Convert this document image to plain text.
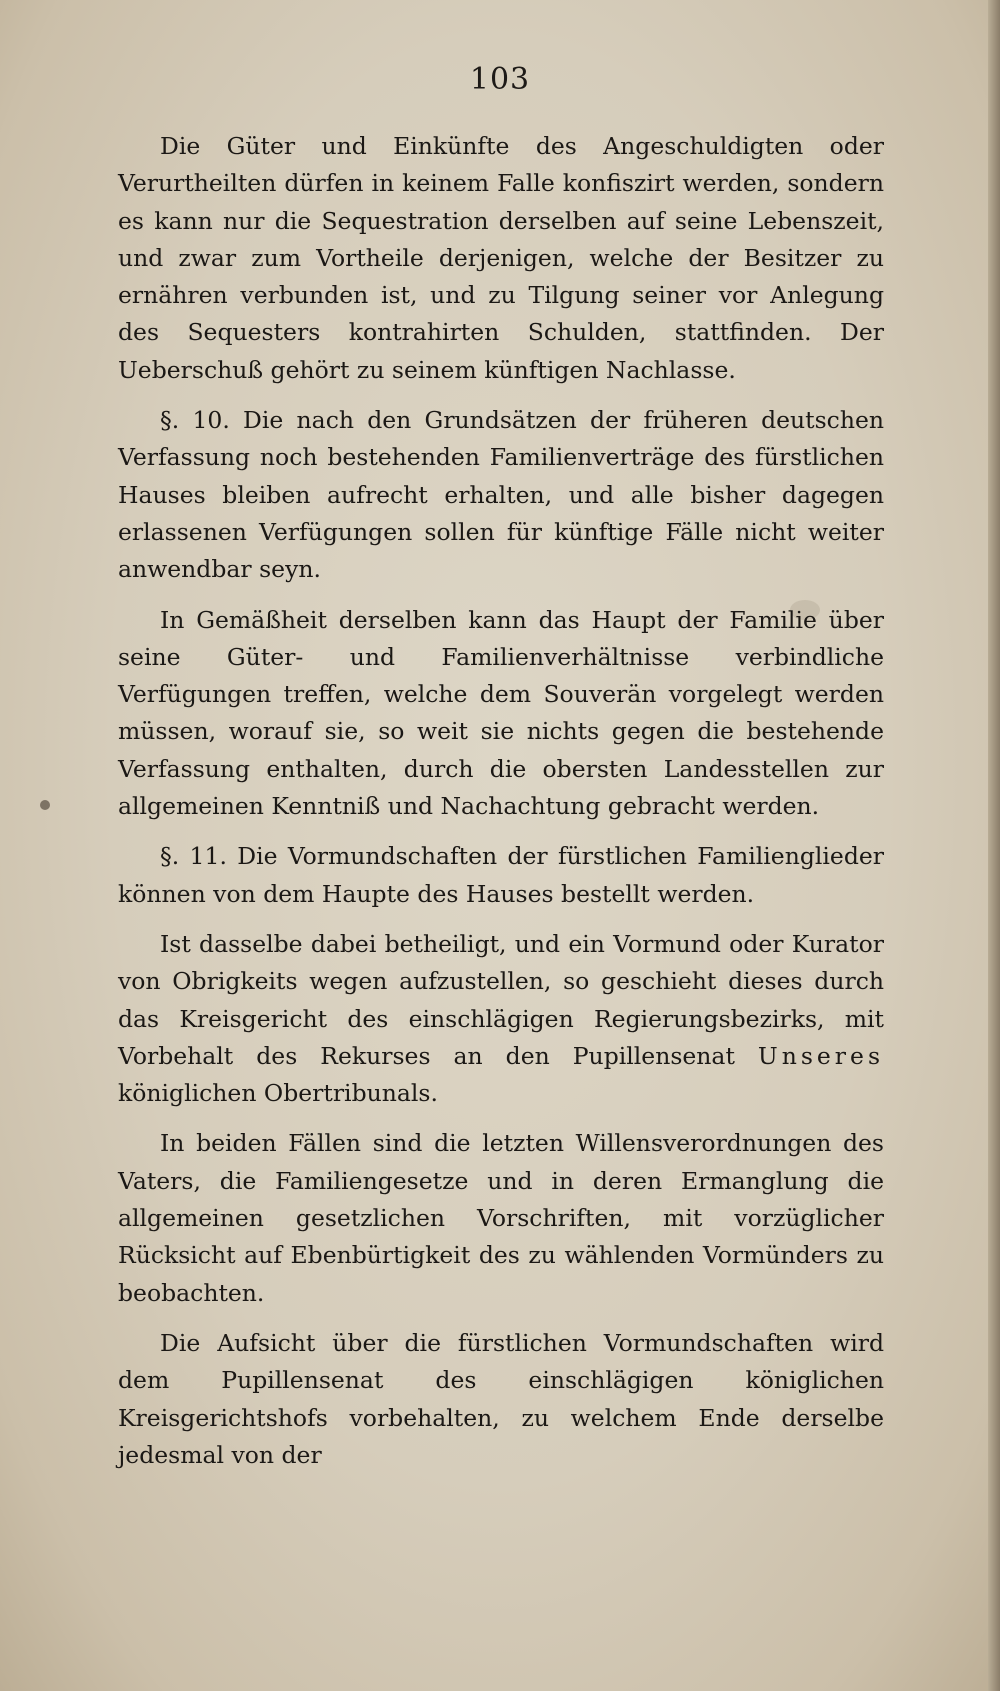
103

Die Güter und Einkünfte des Angeschuldigten oder Verurtheilten dürfen in keinem Falle konfiszirt werden, sondern es kann nur die Sequestration derselben auf seine Lebenszeit, und zwar zum Vortheile derjenigen, welche der Besitzer zu ernähren verbunden ist, und zu Tilgung seiner vor Anlegung des Sequesters kontrahirten Schulden, stattfinden. Der Ueberschuß gehört zu seinem künftigen Nachlasse.

§. 10. Die nach den Grundsätzen der früheren deutschen Verfassung noch bestehenden Familienverträge des fürstlichen Hauses bleiben aufrecht erhalten, und alle bisher dagegen erlassenen Verfügungen sollen für künftige Fälle nicht weiter anwendbar seyn.

In Gemäßheit derselben kann das Haupt der Familie über seine Güter- und Familienverhältnisse verbindliche Verfügungen treffen, welche dem Souverän vorgelegt werden müssen, worauf sie, so weit sie nichts gegen die bestehende Verfassung enthalten, durch die obersten Landesstellen zur allgemeinen Kenntniß und Nachachtung gebracht werden.

§. 11. Die Vormundschaften der fürstlichen Familienglieder können von dem Haupte des Hauses bestellt werden.

Ist dasselbe dabei betheiligt, und ein Vormund oder Kurator von Obrigkeits wegen aufzustellen, so geschieht dieses durch das Kreisgericht des einschlägigen Regierungsbezirks, mit Vorbehalt des Rekurses an den Pupillensenat Unseres königlichen Obertribunals.

In beiden Fällen sind die letzten Willensverordnungen des Vaters, die Familiengesetze und in deren Ermanglung die allgemeinen gesetzlichen Vorschriften, mit vorzüglicher Rücksicht auf Ebenbürtigkeit des zu wählenden Vormünders zu beobachten.

Die Aufsicht über die fürstlichen Vormundschaften wird dem Pupillensenat des einschlägigen königlichen Kreisgerichtshofs vorbehalten, zu welchem Ende derselbe jedesmal von der
